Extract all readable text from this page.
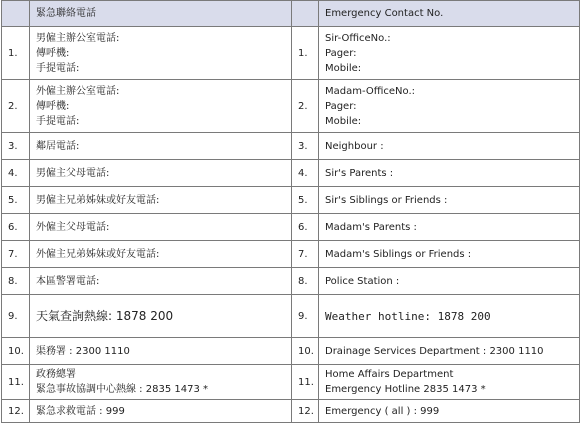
	緊急聯絡電話		Emergency Contact No.
1.	男僱主辦公室電話:
傳呼機:
手提電話:	1.	Sir-OfficeNo.:
Pager:
Mobile:

2.	外僱主辦公室電話:
傳呼機:
手提電話:	2.	Madam-OfficeNo.:
Pager:
Mobile:

3.	鄰居電話:	3.	Neighbour :
4.	男僱主父母電話:	4.	Sir's Parents :
5.	男僱主兄弟姊妹或好友電話:	5.	Sir's Siblings or Friends :
6.	外僱主父母電話:	6.	Madam's Parents :
7.	外僱主兄弟姊妹或好友電話:	7.	Madam's Siblings or Friends :
8.	本區警署電話:	8.	Police Station :
9.	天氣查詢熱線: 1878 200	9.	Weather hotline: 1878 200
10.	渠務署 : 2300 1110	10.	Drainage Services Department : 2300 1110
11.	政務總署
緊急事故協調中心熱線 : 2835 1473 *	11.	Home Affairs Department
Emergency Hotline 2835 1473 *

12.	緊急求救電話 : 999	12.	Emergency ( all ) : 999
